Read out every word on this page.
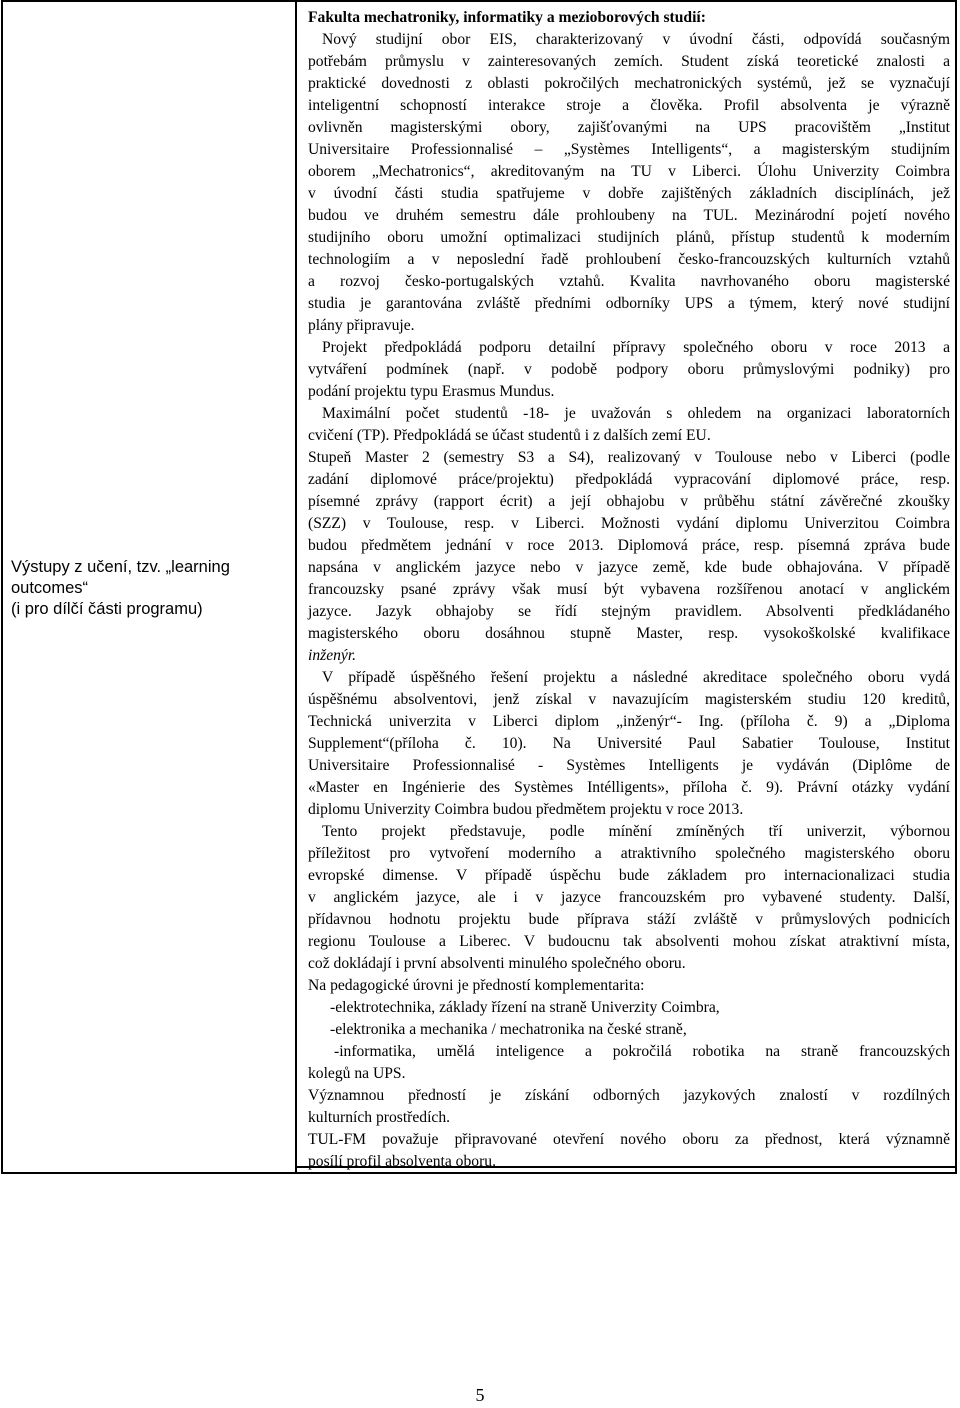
Výstupy z učení, tzv. „learning
outcomes“
(i pro dílčí části programu)
Fakulta mechatroniky, informatiky a mezioborových studií:
Nový studijní obor EIS, charakterizovaný v úvodní části, odpovídá současným
potřebám průmyslu v zainteresovaných zemích. Student získá teoretické znalosti a
praktické dovednosti z oblasti pokročilých mechatronických systémů, jež se vyznačují
inteligentní schopností interakce stroje a člověka. Profil absolventa je výrazně
ovlivněn magisterskými obory, zajišťovanými na UPS pracovištěm „Institut
Universitaire Professionnalisé – „Systèmes Intelligents“, a magisterským studijním
oborem „Mechatronics“, akreditovaným na TU v Liberci. Úlohu Univerzity Coimbra
v úvodní části studia spatřujeme v dobře zajištěných základních disciplínách, jež
budou ve druhém semestru dále prohloubeny na TUL. Mezinárodní pojetí nového
studijního oboru umožní optimalizaci studijních plánů, přístup studentů k moderním
technologiím a v neposlední řadě prohloubení česko-francouzských kulturních vztahů
a rozvoj česko-portugalských vztahů. Kvalita navrhovaného oboru magisterské
studia je garantována zvláště předními odborníky UPS a týmem, který nové studijní
plány připravuje.
Projekt předpokládá podporu detailní přípravy společného oboru v roce 2013 a
vytváření podmínek (např. v podobě podpory oboru průmyslovými podniky) pro
podání projektu typu Erasmus Mundus.
Maximální počet studentů -18- je uvažován s ohledem na organizaci laboratorních
cvičení (TP). Předpokládá se účast studentů i z dalších zemí EU.
Stupeň Master 2 (semestry S3 a S4), realizovaný v Toulouse nebo v Liberci (podle
zadání diplomové práce/projektu) předpokládá vypracování diplomové práce, resp.
písemné zprávy (rapport écrit) a její obhajobu v průběhu státní závěrečné zkoušky
(SZZ) v Toulouse, resp. v Liberci. Možnosti vydání diplomu Univerzitou Coimbra
budou předmětem jednání v roce 2013. Diplomová práce, resp. písemná zpráva bude
napsána v anglickém jazyce nebo v jazyce země, kde bude obhajována. V případě
francouzsky psané zprávy však musí být vybavena rozšířenou anotací v anglickém
jazyce. Jazyk obhajoby se řídí stejným pravidlem. Absolventi předkládaného
magisterského oboru dosáhnou stupně Master, resp. vysokoškolské kvalifikace
inženýr.
V případě úspěšného řešení projektu a následné akreditace společného oboru vydá
úspěšnému absolventovi, jenž získal v navazujícím magisterském studiu 120 kreditů,
Technická univerzita v Liberci diplom „inženýr“- Ing. (příloha č. 9) a „Diploma
Supplement“(příloha č. 10). Na Université Paul Sabatier Toulouse, Institut
Universitaire Professionnalisé - Systèmes Intelligents je vydáván (Diplôme de
«Master en Ingénierie des Systèmes Intélligents», příloha č. 9). Právní otázky vydání
diplomu Univerzity Coimbra budou předmětem projektu v roce 2013.
Tento projekt představuje, podle mínění zmíněných tří univerzit, výbornou
příležitost pro vytvoření moderního a atraktivního společného magisterského oboru
evropské dimense. V případě úspěchu bude základem pro internacionalizaci studia
v anglickém jazyce, ale i v jazyce francouzském pro vybavené studenty. Další,
přídavnou hodnotu projektu bude příprava stáží zvláště v průmyslových podnicích
regionu Toulouse a Liberec. V budoucnu tak absolventi mohou získat atraktivní místa,
což dokládají i první absolventi minulého společného oboru.
Na pedagogické úrovni je předností komplementarita:
-elektrotechnika, základy řízení na straně Univerzity Coimbra,
-elektronika a mechanika / mechatronika na české straně,
-informatika, umělá inteligence a pokročilá robotika na straně francouzských
kolegů na UPS.
Významnou předností je získání odborných jazykových znalostí v rozdílných
kulturních prostředích.
TUL-FM považuje připravované otevření nového oboru za přednost, která významně
posílí profil absolventa oboru.
5
